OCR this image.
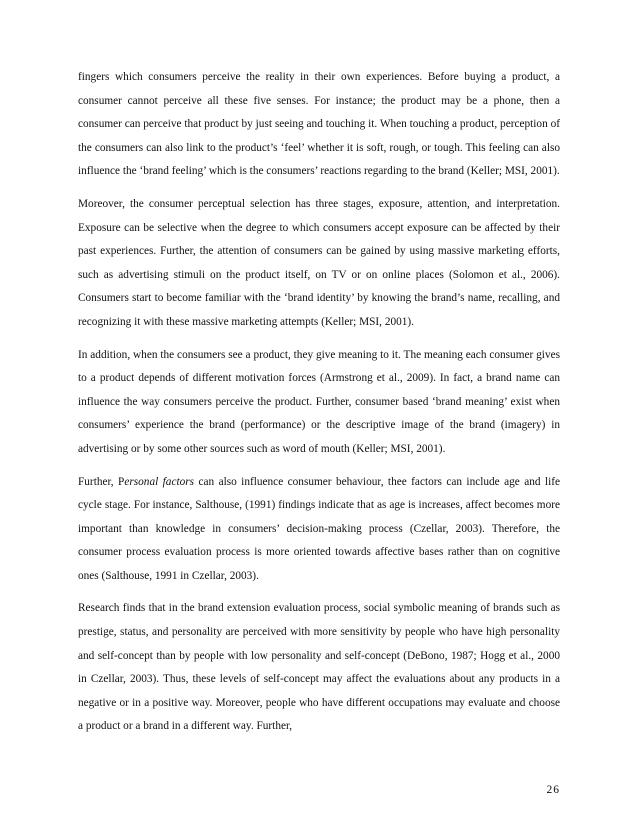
fingers which consumers perceive the reality in their own experiences. Before buying a product, a consumer cannot perceive all these five senses. For instance; the product may be a phone, then a consumer can perceive that product by just seeing and touching it. When touching a product, perception of the consumers can also link to the product’s ‘feel’ whether it is soft, rough, or tough. This feeling can also influence the ‘brand feeling’ which is the consumers’ reactions regarding to the brand (Keller; MSI, 2001).

Moreover, the consumer perceptual selection has three stages, exposure, attention, and interpretation. Exposure can be selective when the degree to which consumers accept exposure can be affected by their past experiences. Further, the attention of consumers can be gained by using massive marketing efforts, such as advertising stimuli on the product itself, on TV or on online places (Solomon et al., 2006). Consumers start to become familiar with the ‘brand identity’ by knowing the brand’s name, recalling, and recognizing it with these massive marketing attempts (Keller; MSI, 2001).

In addition, when the consumers see a product, they give meaning to it. The meaning each consumer gives to a product depends of different motivation forces (Armstrong et al., 2009). In fact, a brand name can influence the way consumers perceive the product. Further, consumer based ‘brand meaning’ exist when consumers’ experience the brand (performance) or the descriptive image of the brand (imagery) in advertising or by some other sources such as word of mouth (Keller; MSI, 2001).

Further, Personal factors can also influence consumer behaviour, thee factors can include age and life cycle stage. For instance, Salthouse, (1991) findings indicate that as age is increases, affect becomes more important than knowledge in consumers’ decision-making process (Czellar, 2003). Therefore, the consumer process evaluation process is more oriented towards affective bases rather than on cognitive ones (Salthouse, 1991 in Czellar, 2003).

Research finds that in the brand extension evaluation process, social symbolic meaning of brands such as prestige, status, and personality are perceived with more sensitivity by people who have high personality and self-concept than by people with low personality and self-concept (DeBono, 1987; Hogg et al., 2000 in Czellar, 2003). Thus, these levels of self-concept may affect the evaluations about any products in a negative or in a positive way. Moreover, people who have different occupations may evaluate and choose a product or a brand in a different way. Further,

26
